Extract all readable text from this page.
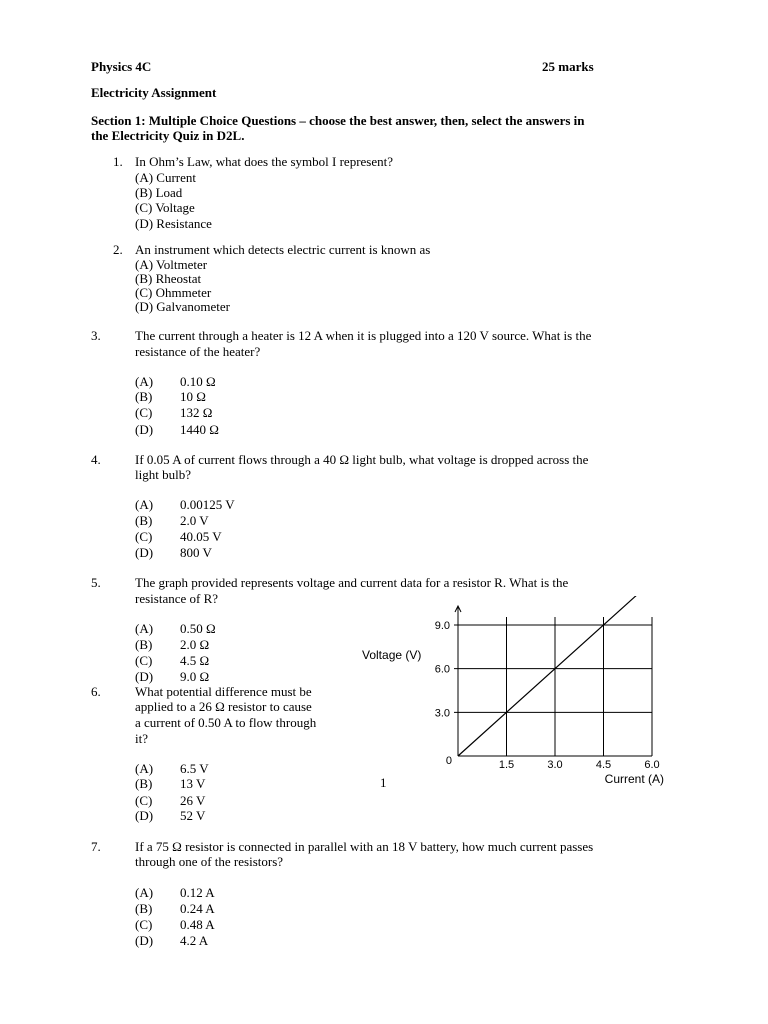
Physics 4C	25 marks
Electricity Assignment
Section 1: Multiple Choice Questions – choose the best answer, then, select the answers in
the Electricity Quiz in D2L.
1. In Ohm’s Law, what does the symbol I represent?
(A) Current
(B) Load
(C) Voltage
(D) Resistance
2. An instrument which detects electric current is known as
(A) Voltmeter
(B) Rheostat
(C) Ohmmeter
(D) Galvanometer
3.	The current through a heater is 12 A when it is plugged into a 120 V source. What is the
resistance of the heater?
(A) 0.10 Ω
(B) 10 Ω
(C) 132 Ω
(D) 1440 Ω
4.	If 0.05 A of current flows through a 40 Ω light bulb, what voltage is dropped across the
light bulb?
(A) 0.00125 V
(B) 2.0 V
(C) 40.05 V
(D) 800 V
5.	The graph provided represents voltage and current data for a resistor R. What is the
resistance of R?
(A) 0.50 Ω
(B) 2.0 Ω
(C) 4.5 Ω
(D) 9.0 Ω
6.	What potential difference must be
applied to a 26 Ω resistor to cause
a current of 0.50 A to flow through
it?
(A) 6.5 V
(B) 13 V
(C) 26 V
(D) 52 V
1
7.	If a 75 Ω resistor is connected in parallel with an 18 V battery, how much current passes
through one of the resistors?
(A) 0.12 A
(B) 0.24 A
(C) 0.48 A
(D) 4.2 A
3.0
6.0
9.0
0	1.5	3.0	4.5	6.0
Voltage (V)
Current (A)
